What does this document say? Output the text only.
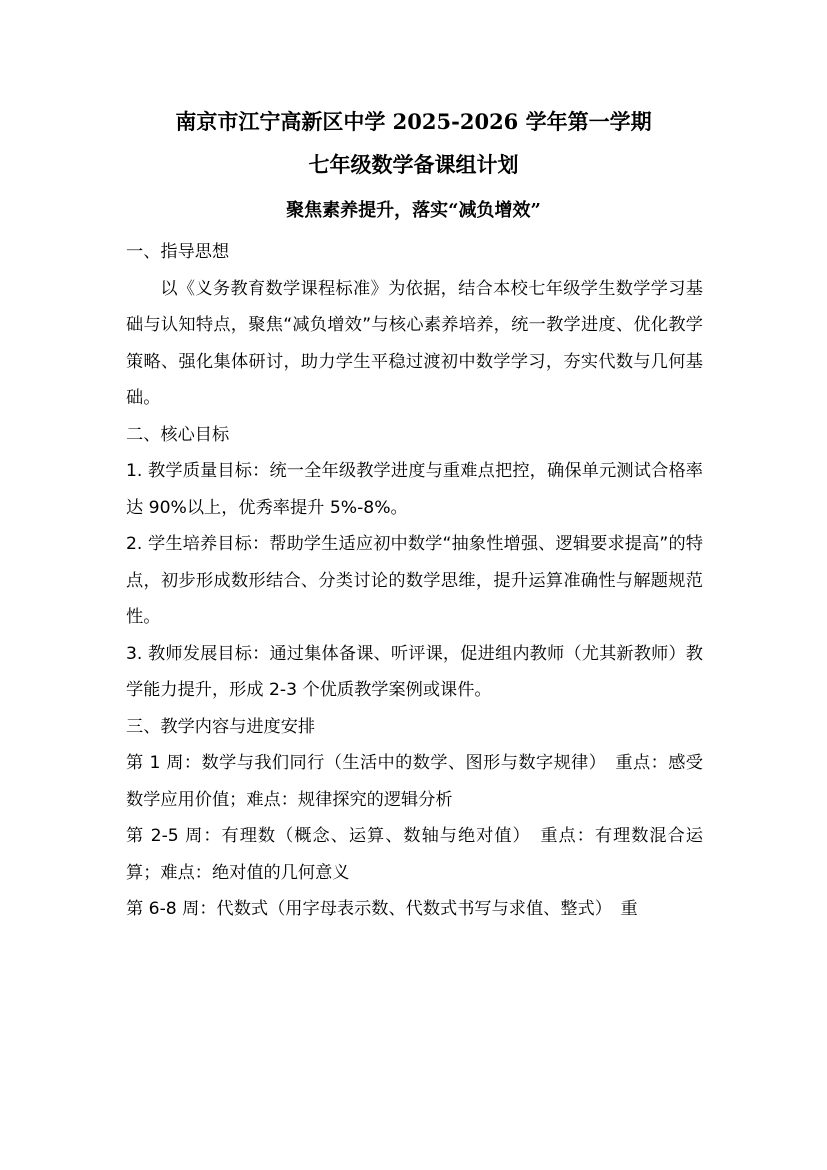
南京市江宁高新区中学 2025-2026 学年第一学期
七年级数学备课组计划
聚焦素养提升，落实“减负增效”

一、指导思想

以《义务教育数学课程标准》为依据，结合本校七年级学生数学学习基础与认知特点，聚焦“减负增效”与核心素养培养，统一教学进度、优化教学策略、强化集体研讨，助力学生平稳过渡初中数学学习，夯实代数与几何基础。

二、核心目标

1. 教学质量目标：统一全年级教学进度与重难点把控，确保单元测试合格率达 90%以上，优秀率提升 5%-8%。

2. 学生培养目标：帮助学生适应初中数学“抽象性增强、逻辑要求提高”的特点，初步形成数形结合、分类讨论的数学思维，提升运算准确性与解题规范性。

3. 教师发展目标：通过集体备课、听评课，促进组内教师（尤其新教师）教学能力提升，形成 2-3 个优质教学案例或课件。

三、教学内容与进度安排

第 1 周：数学与我们同行（生活中的数学、图形与数字规律）　重点：感受数学应用价值；难点：规律探究的逻辑分析

第 2-5 周：有理数（概念、运算、数轴与绝对值）　重点：有理数混合运算；难点：绝对值的几何意义

第 6-8 周：代数式（用字母表示数、代数式书写与求值、整式）　重
